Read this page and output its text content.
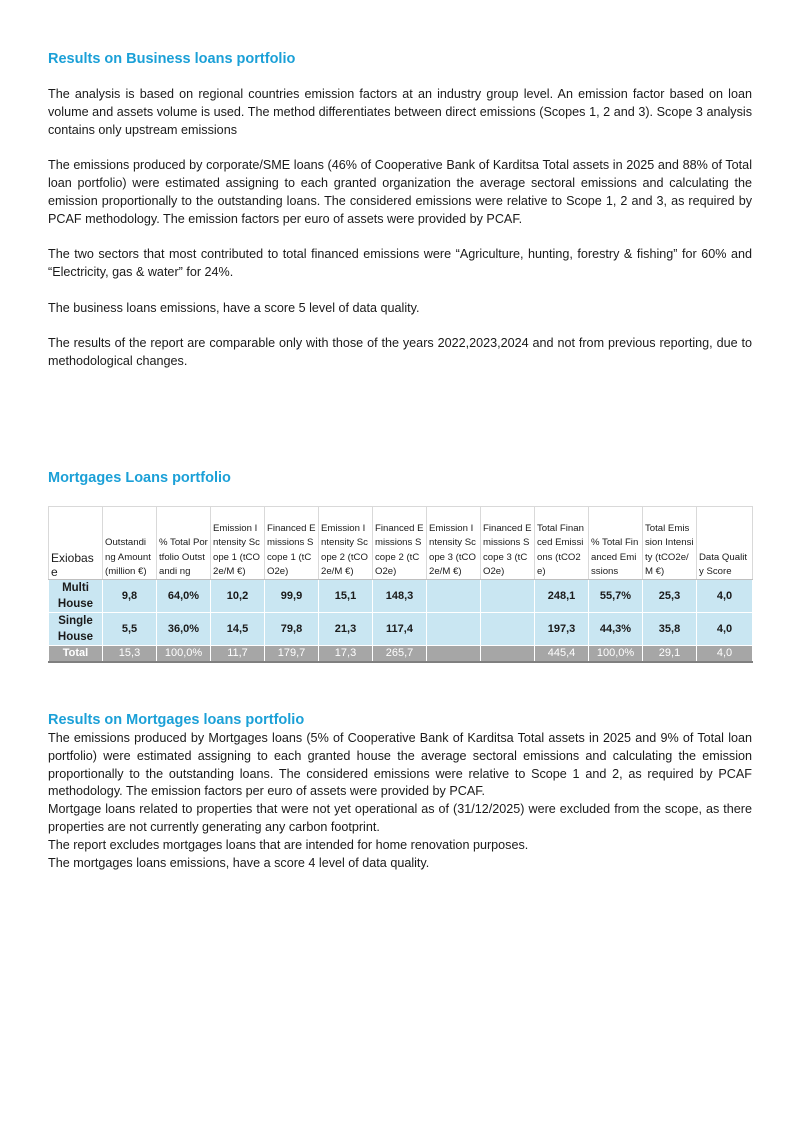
Results on Business loans portfolio

The analysis is based on regional countries emission factors at an industry group level. An emission factor based on loan volume and assets volume is used. The method differentiates between direct emissions (Scopes 1, 2 and 3). Scope 3 analysis contains only upstream emissions

The emissions produced by corporate/SME loans (46% of Cooperative Bank of Karditsa Total assets in 2025 and 88% of Total loan portfolio) were estimated assigning to each granted organization the average sectoral emissions and calculating the emission proportionally to the outstanding loans. The considered emissions were relative to Scope 1, 2 and 3, as required by PCAF methodology. The emission factors per euro of assets were provided by PCAF.

The two sectors that most contributed to total financed emissions were “Agriculture, hunting, forestry & fishing” for 60% and “Electricity, gas & water” for 24%.

The business loans emissions, have a score 5 level of data quality.

The results of the report are comparable only with those of the years 2022,2023,2024 and not from previous reporting, due to methodological changes.

Mortgages Loans portfolio
Exiobase	Outstandi ng Amount (million €)	% Total Portfolio Outstandi ng	Emission Intensity Scope 1 (tCO2e/M €)	Financed Emissions Scope 1 (tCO2e)	Emission Intensity Scope 2 (tCO2e/M €)	Financed Emissions Scope 2 (tCO2e)	Emission Intensity Scope 3 (tCO2e/M €)	Financed Emissions Scope 3 (tCO2e)	Total Financed Emissions (tCO2e)	% Total Financed Emissions	Total Emission Intensity (tCO2e/M €)	Data Quality Score
Multi House	9,8	64,0%	10,2	99,9	15,1	148,3			248,1	55,7%	25,3	4,0
Single House	5,5	36,0%	14,5	79,8	21,3	117,4			197,3	44,3%	35,8	4,0
Total	15,3	100,0%	11,7	179,7	17,3	265,7			445,4	100,0%	29,1	4,0
Results on Mortgages loans portfolio

The emissions produced by Mortgages loans (5% of Cooperative Bank of Karditsa Total assets in 2025 and 9% of Total loan portfolio) were estimated assigning to each granted house the average sectoral emissions and calculating the emission proportionally to the outstanding loans. The considered emissions were relative to Scope 1 and 2, as required by PCAF methodology. The emission factors per euro of assets were provided by PCAF.

Mortgage loans related to properties that were not yet operational as of (31/12/2025) were excluded from the scope, as there properties are not currently generating any carbon footprint.

The report excludes mortgages loans that are intended for home renovation purposes.

The mortgages loans emissions, have a score 4 level of data quality.
